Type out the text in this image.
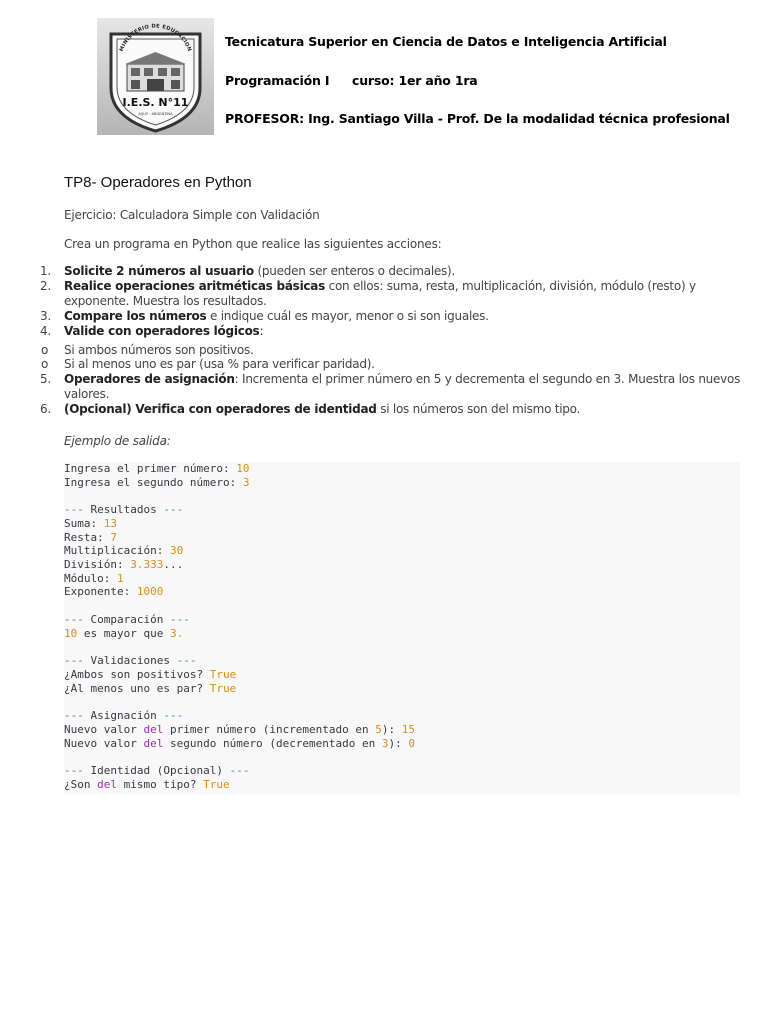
MINISTERIO DE EDUCACION
I.E.S. N°11
JUJUY · ARGENTINA
Tecnicatura Superior en Ciencia de Datos e Inteligencia Artificial
Programación I curso: 1er año 1ra
PROFESOR: Ing. Santiago Villa - Prof. De la modalidad técnica profesional
TP8- Operadores en Python
Ejercicio: Calculadora Simple con Validación
Crea un programa en Python que realice las siguientes acciones:
1.	Solicite 2 números al usuario (pueden ser enteros o decimales).
2.	Realice operaciones aritméticas básicas con ellos: suma, resta, multiplicación, división, módulo (resto) y exponente. Muestra los resultados.
3.	Compare los números e indique cuál es mayor, menor o si son iguales.
4.	Valide con operadores lógicos:
o	Si ambos números son positivos.
o	Si al menos uno es par (usa % para verificar paridad).
5.	Operadores de asignación: Incrementa el primer número en 5 y decrementa el segundo en 3. Muestra los nuevos valores.
6.	(Opcional) Verifica con operadores de identidad si los números son del mismo tipo.
Ejemplo de salida:
Ingresa el primer número: 10
Ingresa el segundo número: 3
--- Resultados ---
Suma: 13
Resta: 7
Multiplicación: 30
División: 3.333...
Módulo: 1
Exponente: 1000
--- Comparación ---
10 es mayor que 3.
--- Validaciones ---
¿Ambos son positivos? True
¿Al menos uno es par? True
--- Asignación ---
Nuevo valor del primer número (incrementado en 5): 15
Nuevo valor del segundo número (decrementado en 3): 0
--- Identidad (Opcional) ---
¿Son del mismo tipo? True
